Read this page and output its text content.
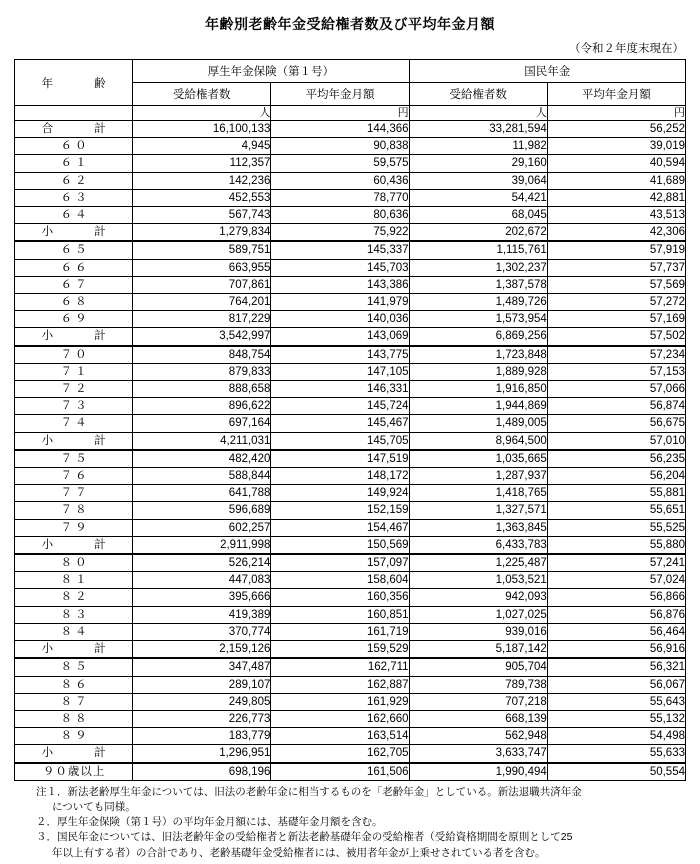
年齢別老齢年金受給権者数及び平均年金月額
（令和２年度末現在）
年　　齢	厚生年金保険（第１号）		国民年金	
	受給権者数	平均年金月額	受給権者数	平均年金月額
	人	円	人	円
合　　計	16,100,133	144,366	33,281,594	56,252
６０	4,945	90,838	11,982	39,019
６１	112,357	59,575	29,160	40,594
６２	142,236	60,436	39,064	41,689
６３	452,553	78,770	54,421	42,881
６４	567,743	80,636	68,045	43,513
小　　計	1,279,834	75,922	202,672	42,306
６５	589,751	145,337	1,115,761	57,919
６６	663,955	145,703	1,302,237	57,737
６７	707,861	143,386	1,387,578	57,569
６８	764,201	141,979	1,489,726	57,272
６９	817,229	140,036	1,573,954	57,169
小　　計	3,542,997	143,069	6,869,256	57,502
７０	848,754	143,775	1,723,848	57,234
７１	879,833	147,105	1,889,928	57,153
７２	888,658	146,331	1,916,850	57,066
７３	896,622	145,724	1,944,869	56,874
７４	697,164	145,467	1,489,005	56,675
小　　計	4,211,031	145,705	8,964,500	57,010
７５	482,420	147,519	1,035,665	56,235
７６	588,844	148,172	1,287,937	56,204
７７	641,788	149,924	1,418,765	55,881
７８	596,689	152,159	1,327,571	55,651
７９	602,257	154,467	1,363,845	55,525
小　　計	2,911,998	150,569	6,433,783	55,880
８０	526,214	157,097	1,225,487	57,241
８１	447,083	158,604	1,053,521	57,024
８２	395,666	160,356	942,093	56,866
８３	419,389	160,851	1,027,025	56,876
８４	370,774	161,719	939,016	56,464
小　　計	2,159,126	159,529	5,187,142	56,916
８５	347,487	162,711	905,704	56,321
８６	289,107	162,887	789,738	56,067
８７	249,805	161,929	707,218	55,643
８８	226,773	162,660	668,139	55,132
８９	183,779	163,514	562,948	54,498
小　　計	1,296,951	162,705	3,633,747	55,633
９０歳以上	698,196	161,506	1,990,494	50,554
注１．新法老齢厚生年金については、旧法の老齢年金に相当するものを「老齢年金」としている。新法退職共済年金
についても同様。
２．厚生年金保険（第１号）の平均年金月額には、基礎年金月額を含む。
３．国民年金については、旧法老齢年金の受給権者と新法老齢基礎年金の受給権者（受給資格期間を原則として25
年以上有する者）の合計であり、老齢基礎年金受給権者には、被用者年金が上乗せされている者を含む。
